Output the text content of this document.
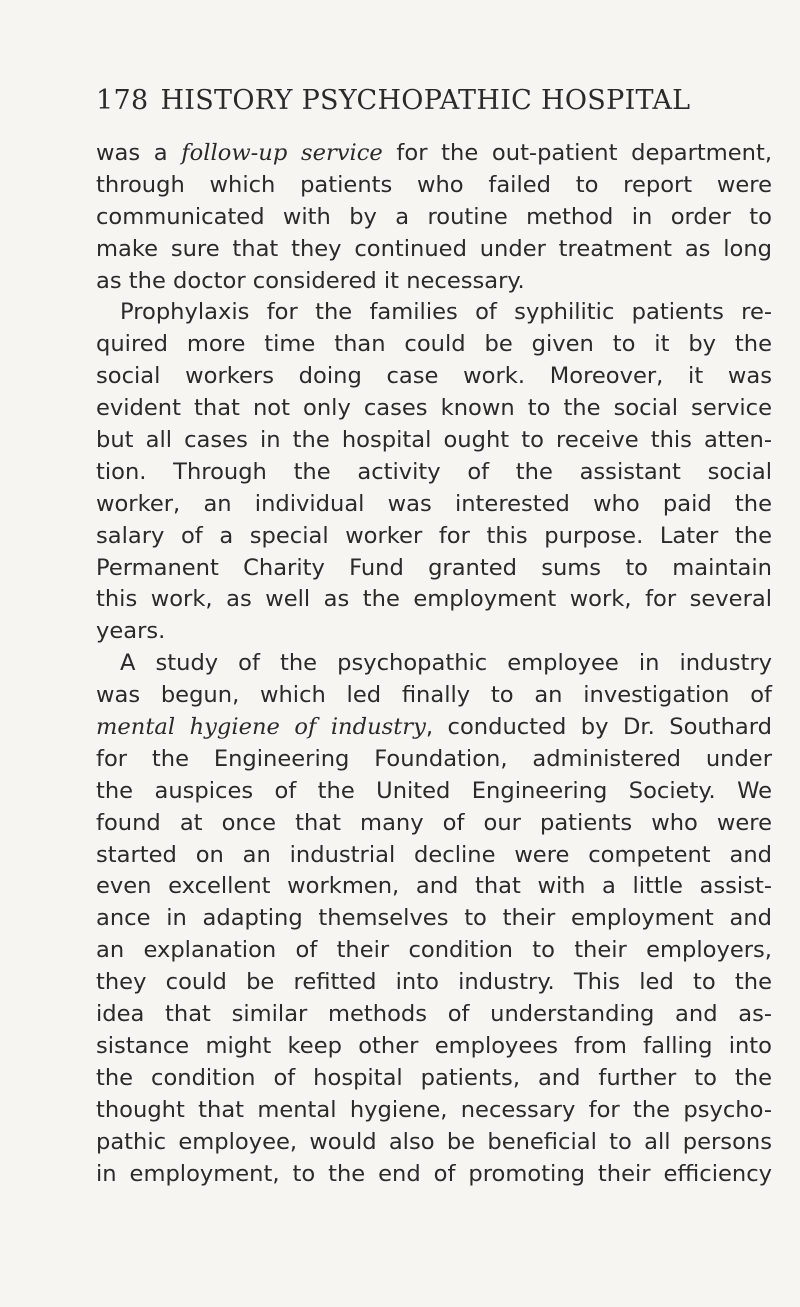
178 HISTORY PSYCHOPATHIC HOSPITAL
was a follow-up service for the out-patient department,
through which patients who failed to report were
communicated with by a routine method in order to
make sure that they continued under treatment as long
as the doctor considered it necessary.
Prophylaxis for the families of syphilitic patients re-
quired more time than could be given to it by the
social workers doing case work. Moreover, it was
evident that not only cases known to the social service
but all cases in the hospital ought to receive this atten-
tion. Through the activity of the assistant social
worker, an individual was interested who paid the
salary of a special worker for this purpose. Later the
Permanent Charity Fund granted sums to maintain
this work, as well as the employment work, for several
years.
A study of the psychopathic employee in industry
was begun, which led finally to an investigation of
mental hygiene of industry, conducted by Dr. Southard
for the Engineering Foundation, administered under
the auspices of the United Engineering Society. We
found at once that many of our patients who were
started on an industrial decline were competent and
even excellent workmen, and that with a little assist-
ance in adapting themselves to their employment and
an explanation of their condition to their employers,
they could be refitted into industry. This led to the
idea that similar methods of understanding and as-
sistance might keep other employees from falling into
the condition of hospital patients, and further to the
thought that mental hygiene, necessary for the psycho-
pathic employee, would also be beneficial to all persons
in employment, to the end of promoting their efficiency
